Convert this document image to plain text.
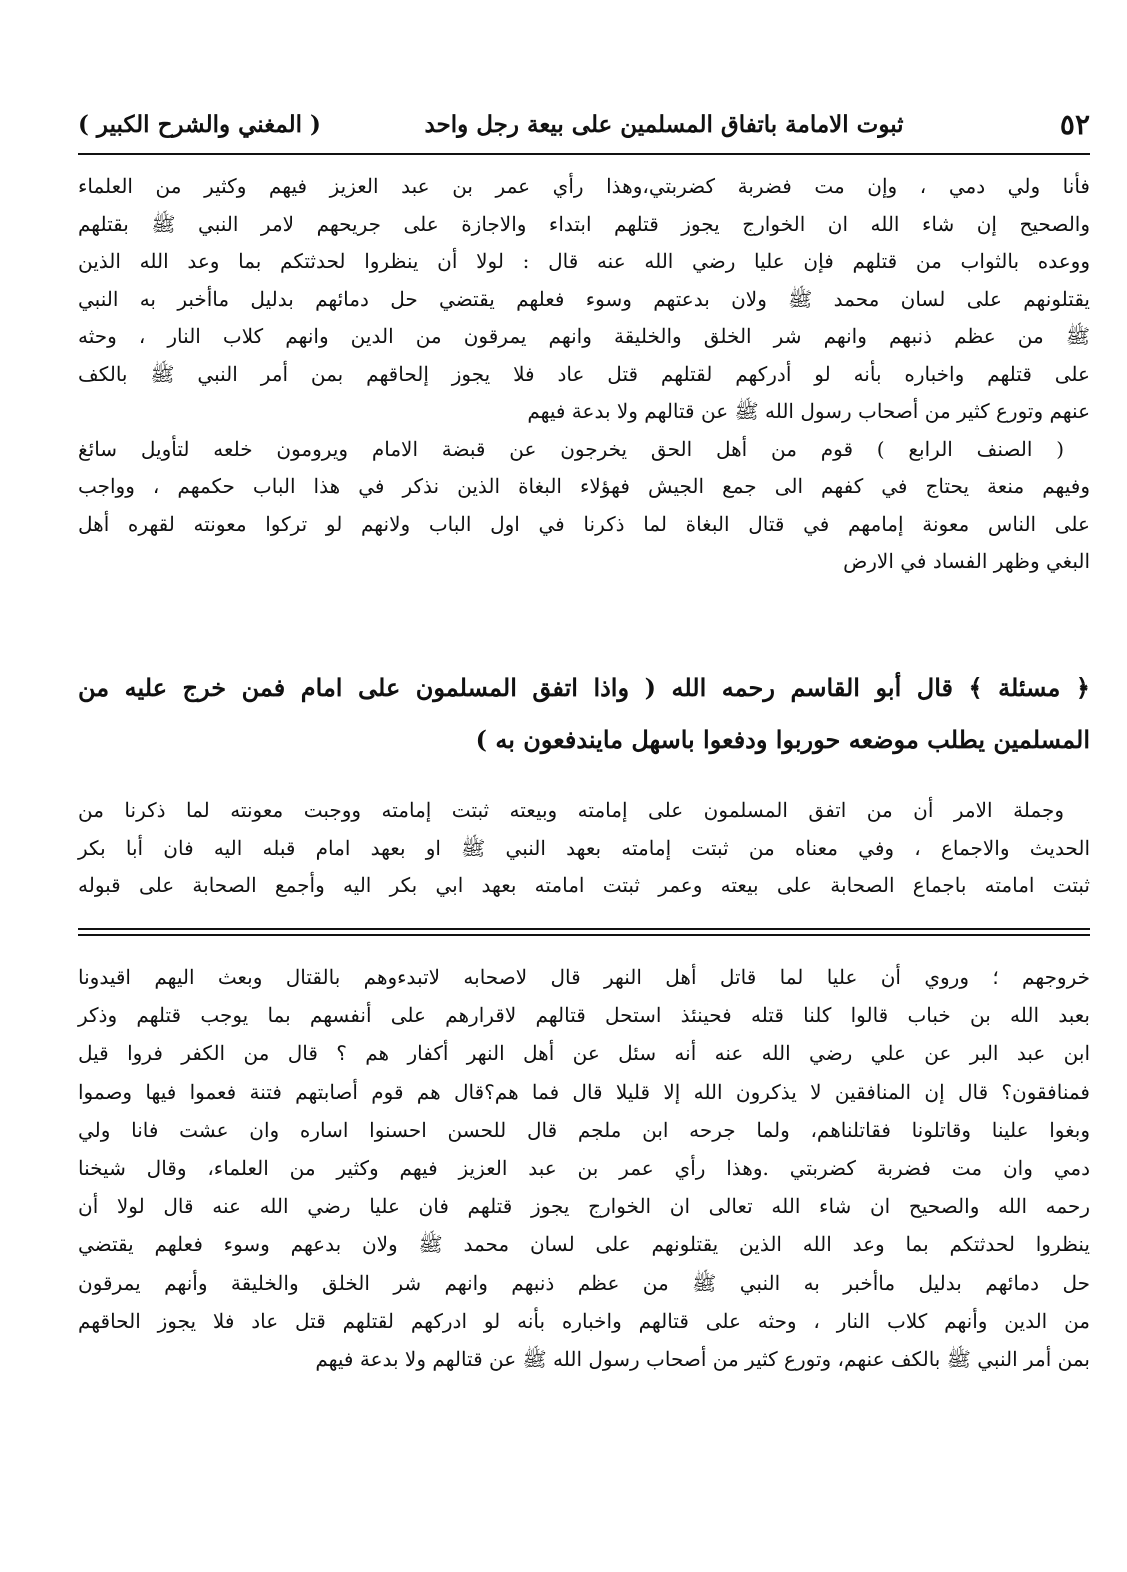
٥٢
ثبوت الامامة باتفاق المسلمين على بيعة رجل واحد
( المغني والشرح الكبير )
فأنا ولي دمي ، وإن مت فضربة كضربتي،وهذا رأي عمر بن عبد العزيز فيهم وكثير من العلماء
والصحيح إن شاء الله ان الخوارج يجوز قتلهم ابتداء والاجازة على جريحهم لامر النبي ﷺ بقتلهم
ووعده بالثواب من قتلهم فإن عليا رضي الله عنه قال : لولا أن ينظروا لحدثتكم بما وعد الله الذين
يقتلونهم على لسان محمد ﷺ ولان بدعتهم وسوء فعلهم يقتضي حل دمائهم بدليل ماأخبر به النبي
ﷺ من عظم ذنبهم وانهم شر الخلق والخليقة وانهم يمرقون من الدين وانهم كلاب النار ، وحثه
على قتلهم واخباره بأنه لو أدركهم لقتلهم قتل عاد فلا يجوز إلحاقهم بمن أمر النبي ﷺ بالكف
عنهم وتورع كثير من أصحاب رسول الله ﷺ عن قتالهم ولا بدعة فيهم
( الصنف الرابع ) قوم من أهل الحق يخرجون عن قبضة الامام ويرومون خلعه لتأويل سائغ
وفيهم منعة يحتاج في كفهم الى جمع الجيش فهؤلاء البغاة الذين نذكر في هذا الباب حكمهم ، وواجب
على الناس معونة إمامهم في قتال البغاة لما ذكرنا في اول الباب ولانهم لو تركوا معونته لقهره أهل
البغي وظهر الفساد في الارض
﴿ مسئلة ﴾ قال أبو القاسم رحمه الله ( واذا اتفق المسلمون على امام فمن خرج عليه من
المسلمين يطلب موضعه حوربوا ودفعوا باسهل مايندفعون به )
وجملة الامر أن من اتفق المسلمون على إمامته وبيعته ثبتت إمامته ووجبت معونته لما ذكرنا من
الحديث والاجماع ، وفي معناه من ثبتت إمامته بعهد النبي ﷺ او بعهد امام قبله اليه فان أبا بكر
ثبتت امامته باجماع الصحابة على بيعته وعمر ثبتت امامته بعهد ابي بكر اليه وأجمع الصحابة على قبوله
خروجهم ؛ وروي أن عليا لما قاتل أهل النهر قال لاصحابه لاتبدءوهم بالقتال وبعث اليهم اقيدونا
بعبد الله بن خباب قالوا كلنا قتله فحينئذ استحل قتالهم لاقرارهم على أنفسهم بما يوجب قتلهم وذكر
ابن عبد البر عن علي رضي الله عنه أنه سئل عن أهل النهر أكفار هم ؟ قال من الكفر فروا قيل
فمنافقون؟ قال إن المنافقين لا يذكرون الله إلا قليلا قال فما هم؟قال هم قوم أصابتهم فتنة فعموا فيها وصموا
وبغوا علينا وقاتلونا فقاتلناهم، ولما جرحه ابن ملجم قال للحسن احسنوا اساره وان عشت فانا ولي
دمي وان مت فضربة كضربتي .وهذا رأي عمر بن عبد العزيز فيهم وكثير من العلماء، وقال شيخنا
رحمه الله والصحيح ان شاء الله تعالى ان الخوارج يجوز قتلهم فان عليا رضي الله عنه قال لولا أن
ينظروا لحدثتكم بما وعد الله الذين يقتلونهم على لسان محمد ﷺ ولان بدعهم وسوء فعلهم يقتضي
حل دمائهم بدليل ماأخبر به النبي ﷺ من عظم ذنبهم وانهم شر الخلق والخليقة وأنهم يمرقون
من الدين وأنهم كلاب النار ، وحثه على قتالهم واخباره بأنه لو ادركهم لقتلهم قتل عاد فلا يجوز الحاقهم
بمن أمر النبي ﷺ بالكف عنهم، وتورع كثير من أصحاب رسول الله ﷺ عن قتالهم ولا بدعة فيهم
